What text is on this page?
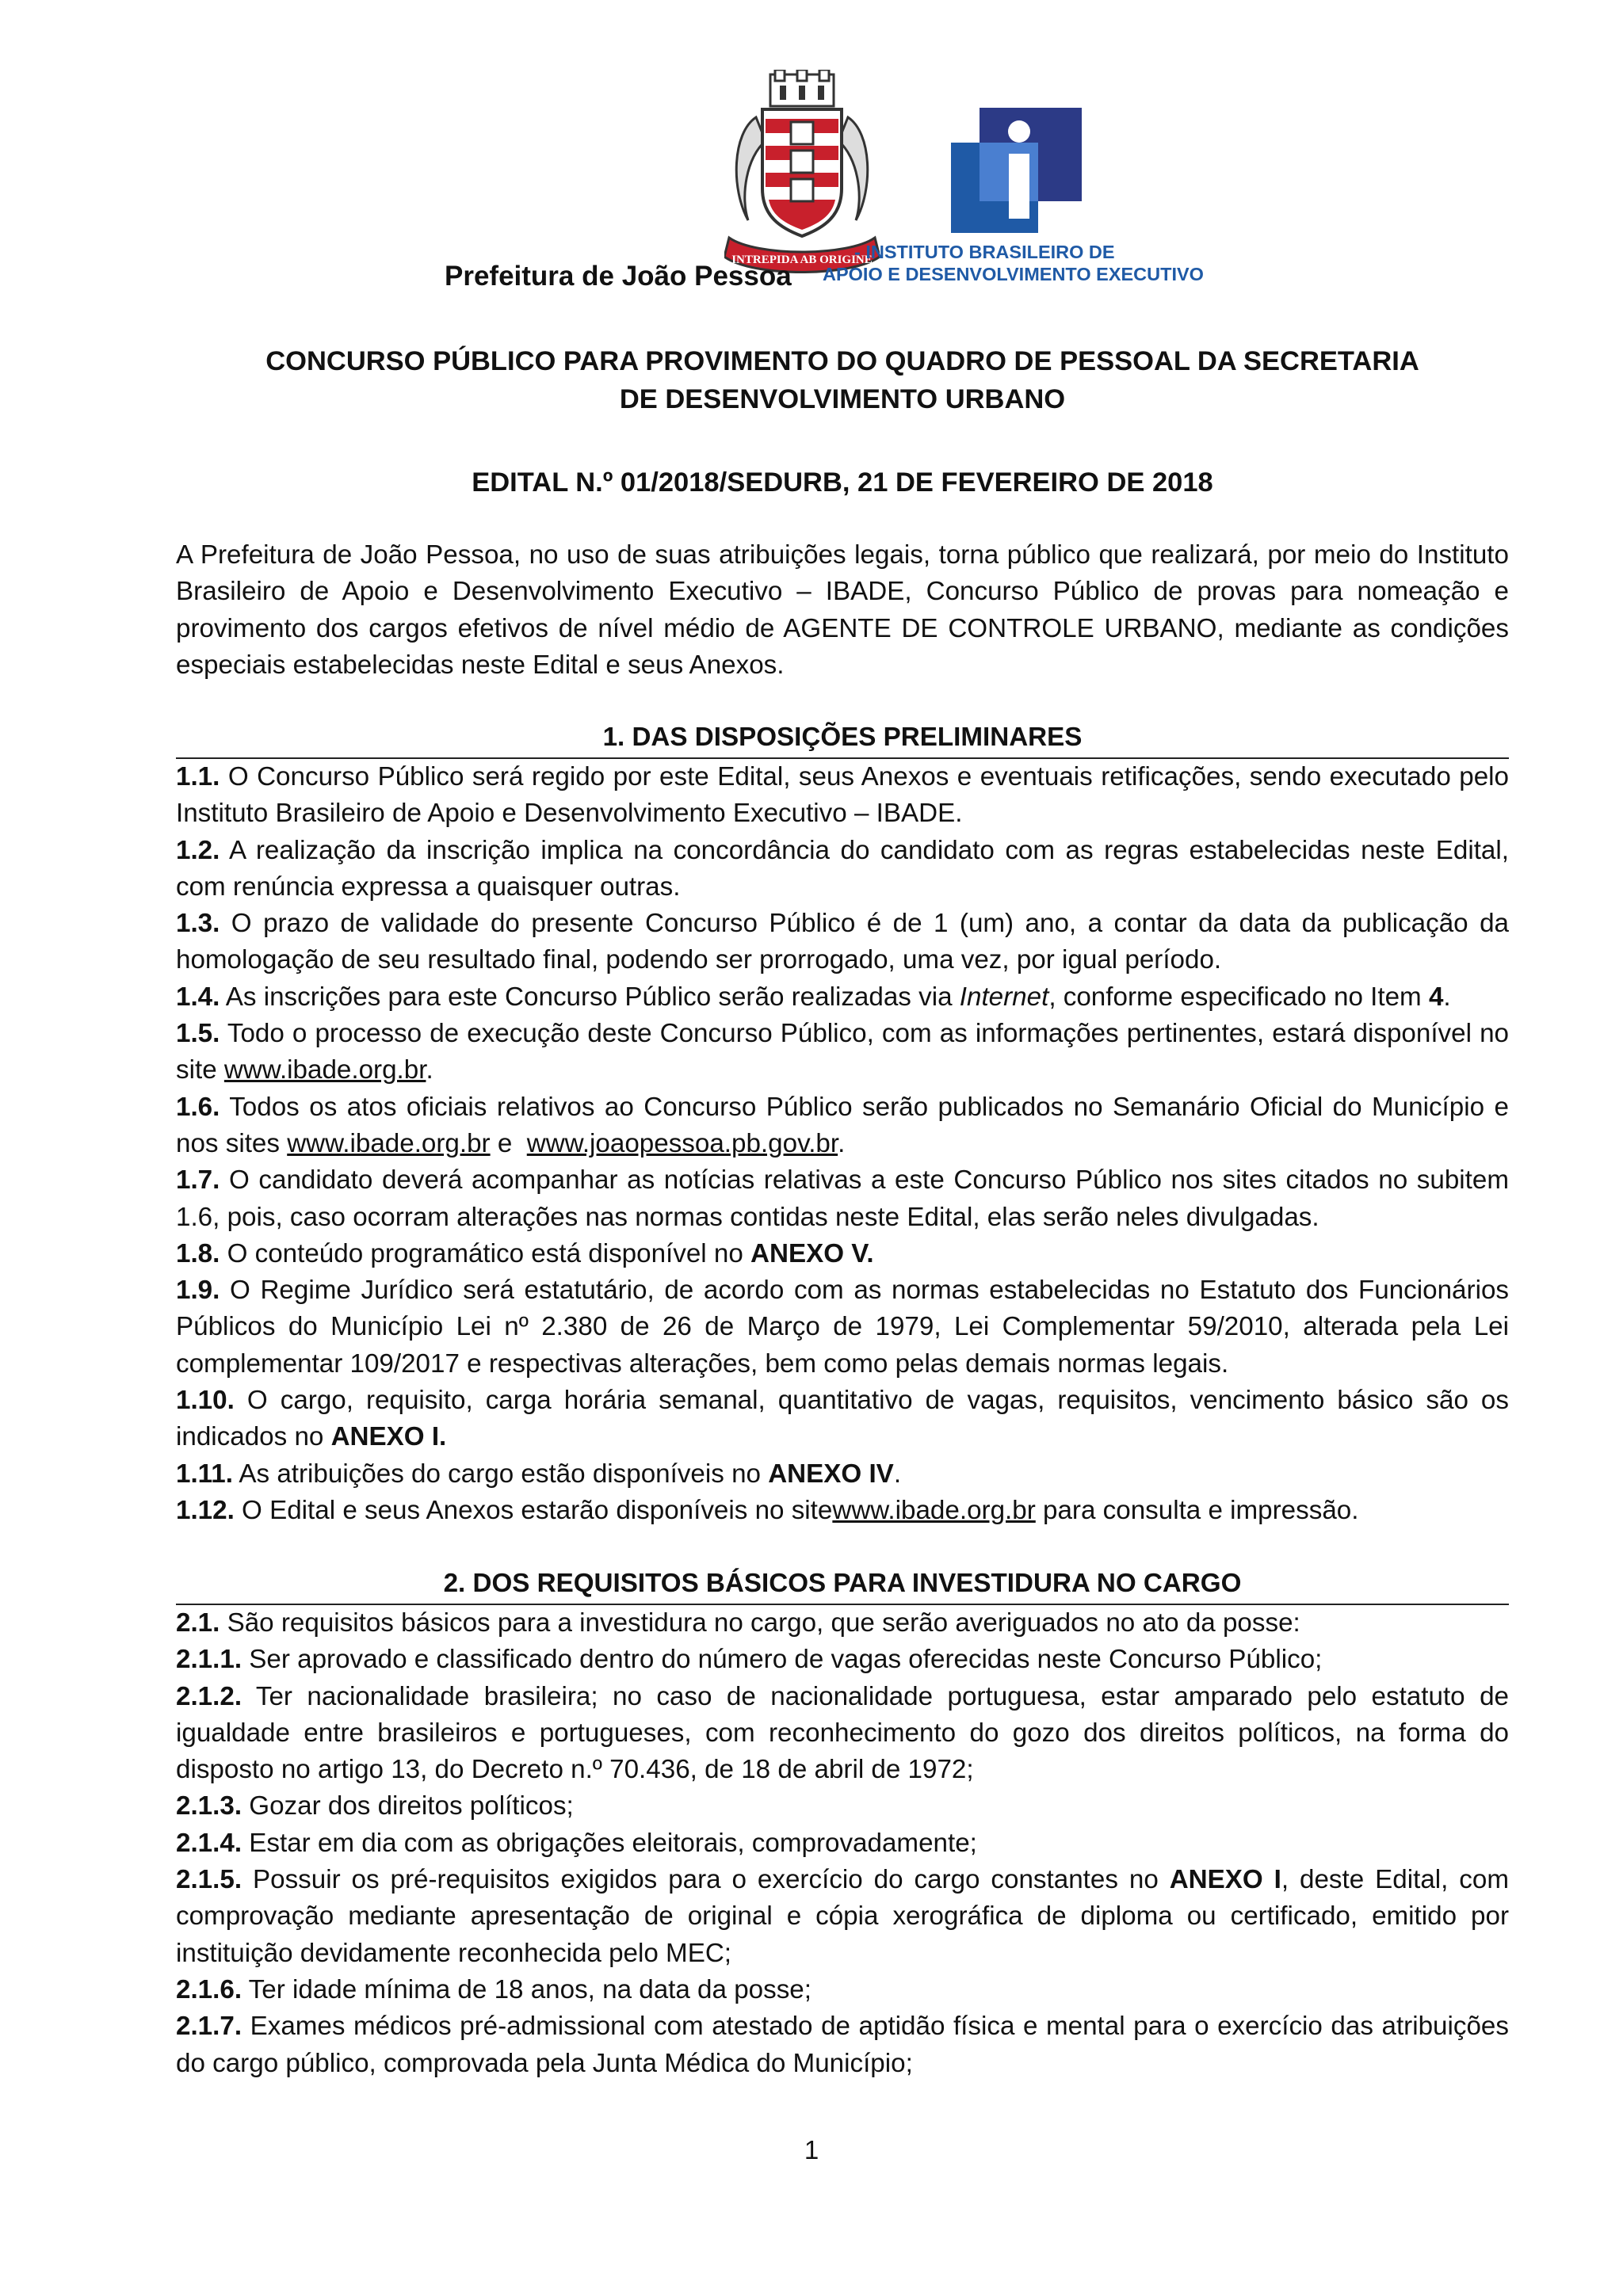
INTREPIDA AB ORIGINE
- INSTITUTO BRASILEIRO DE
APOIO E DESENVOLVIMENTO EXECUTIVO
Prefeitura de João Pessoa
CONCURSO PÚBLICO PARA PROVIMENTO DO QUADRO DE PESSOAL DA SECRETARIA
DE DESENVOLVIMENTO URBANO
EDITAL N.º 01/2018/SEDURB, 21 DE FEVEREIRO DE 2018

A Prefeitura de João Pessoa, no uso de suas atribuições legais, torna público que realizará, por meio do Instituto Brasileiro de Apoio e Desenvolvimento Executivo – IBADE, Concurso Público de provas para nomeação e provimento dos cargos efetivos de nível médio de AGENTE DE CONTROLE URBANO, mediante as condições especiais estabelecidas neste Edital e seus Anexos.

1. DAS DISPOSIÇÕES PRELIMINARES

1.1. O Concurso Público será regido por este Edital, seus Anexos e eventuais retificações, sendo executado pelo Instituto Brasileiro de Apoio e Desenvolvimento Executivo – IBADE.

1.2. A realização da inscrição implica na concordância do candidato com as regras estabelecidas neste Edital, com renúncia expressa a quaisquer outras.

1.3. O prazo de validade do presente Concurso Público é de 1 (um) ano, a contar da data da publicação da homologação de seu resultado final, podendo ser prorrogado, uma vez, por igual período.

1.4. As inscrições para este Concurso Público serão realizadas via Internet, conforme especificado no Item 4.

1.5. Todo o processo de execução deste Concurso Público, com as informações pertinentes, estará disponível no site www.ibade.org.br.

1.6. Todos os atos oficiais relativos ao Concurso Público serão publicados no Semanário Oficial do Município e nos sites www.ibade.org.br e  www.joaopessoa.pb.gov.br.

1.7. O candidato deverá acompanhar as notícias relativas a este Concurso Público nos sites citados no subitem 1.6, pois, caso ocorram alterações nas normas contidas neste Edital, elas serão neles divulgadas.

1.8. O conteúdo programático está disponível no ANEXO V.

1.9. O Regime Jurídico será estatutário, de acordo com as normas estabelecidas no Estatuto dos Funcionários Públicos do Município Lei nº 2.380 de 26 de Março de 1979, Lei Complementar 59/2010, alterada pela Lei complementar 109/2017 e respectivas alterações, bem como pelas demais normas legais.

1.10. O cargo, requisito, carga horária semanal, quantitativo de vagas, requisitos, vencimento básico são os indicados no ANEXO I.

1.11. As atribuições do cargo estão disponíveis no ANEXO IV.

1.12. O Edital e seus Anexos estarão disponíveis no sitewww.ibade.org.br para consulta e impressão.

2. DOS REQUISITOS BÁSICOS PARA INVESTIDURA NO CARGO

2.1. São requisitos básicos para a investidura no cargo, que serão averiguados no ato da posse:

2.1.1. Ser aprovado e classificado dentro do número de vagas oferecidas neste Concurso Público;

2.1.2. Ter nacionalidade brasileira; no caso de nacionalidade portuguesa, estar amparado pelo estatuto de igualdade entre brasileiros e portugueses, com reconhecimento do gozo dos direitos políticos, na forma do disposto no artigo 13, do Decreto n.º 70.436, de 18 de abril de 1972;

2.1.3. Gozar dos direitos políticos;

2.1.4. Estar em dia com as obrigações eleitorais, comprovadamente;

2.1.5. Possuir os pré-requisitos exigidos para o exercício do cargo constantes no ANEXO I, deste Edital, com comprovação mediante apresentação de original e cópia xerográfica de diploma ou certificado, emitido por instituição devidamente reconhecida pelo MEC;

2.1.6. Ter idade mínima de 18 anos, na data da posse;

2.1.7. Exames médicos pré-admissional com atestado de aptidão física e mental para o exercício das atribuições do cargo público, comprovada pela Junta Médica do Município;

1
